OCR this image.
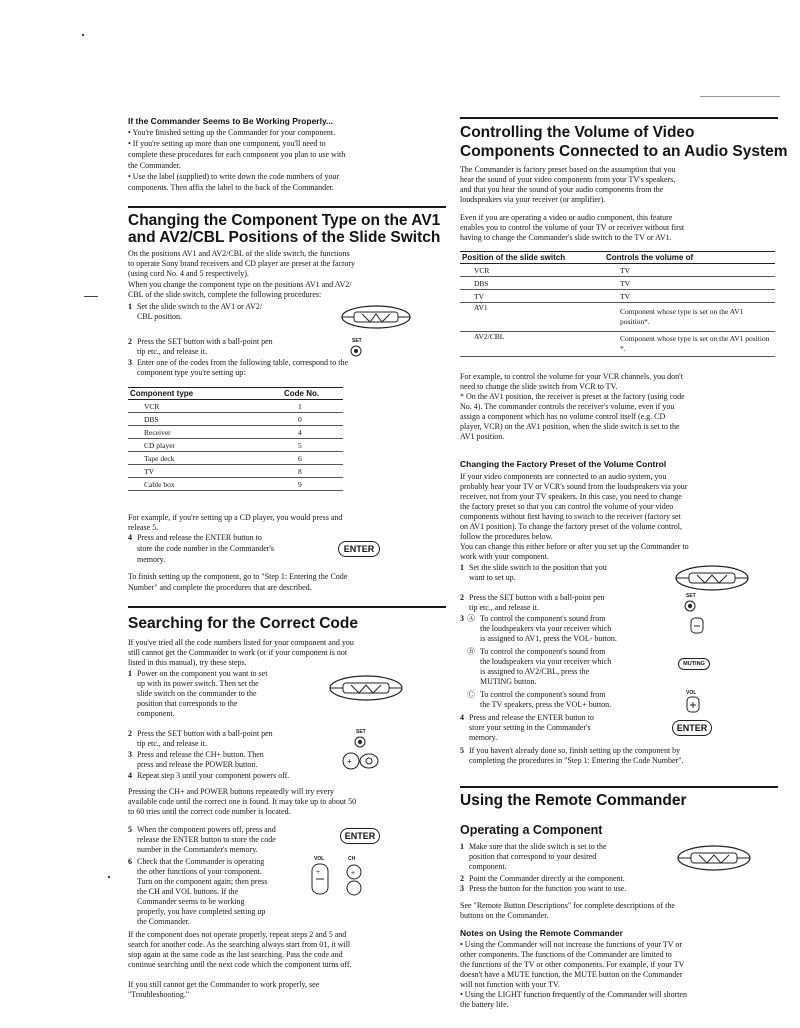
If the Commander Seems to Be Working Properly...
• You're finished setting up the Commander for your component.
• If you're setting up more than one component, you'll need to
complete these procedures for each component you plan to use with
the Commander.
• Use the label (supplied) to write down the code numbers of your
components. Then affix the label to the back of the Commander.
Changing the Component Type on the AV1
and AV2/CBL Positions of the Slide Switch
On the positions AV1 and AV2/CBL of the slide switch, the functions
to operate Sony brand receivers and CD player are preset at the factory
(using cord No. 4 and 5 respectively).
When you change the component type on the positions AV1 and AV2/
CBL of the slide switch, complete the following procedures:
1 Set the slide switch to the AV1 or AV2/
CBL position.
2 Press the SET button with a ball-point pen
tip etc., and release it.
SET
3 Enter one of the codes from the following table, correspond to the
component type you're setting up:
Component type	Code No.
VCR	1
DBS	0
Receiver	4
CD player	5
Tape deck	6
TV	8
Cable box	9
For example, if you're setting up a CD player, you would press and
release 5.
4 Press and release the ENTER button to
store the code number in the Commander's
memory.
ENTER
To finish setting up the component, go to "Step 1: Entering the Code
Number" and complete the procedures that are described.
Searching for the Correct Code
If you've tried all the code numbers listed for your component and you
still cannot get the Commander to work (or if your component is not
listed in this manual), try these steps.
1 Power on the component you want to set
up with its power switch. Then set the
slide switch on the commander to the
position that corresponds to the
component.
2 Press the SET button with a ball-point pen
tip etc., and release it.
SET
3 Press and release the CH+ button. Then
press and release the POWER button.	+
4 Repeat step 3 until your component powers off.
Pressing the CH+ and POWER buttons repeatedly will try every
available code until the correct one is found. It may take up to about 50
to 60 tries until the correct code number is located.
5 When the component powers off, press and
release the ENTER button to store the code
number in the Commander's memory.
ENTER
6 Check that the Commander is operating
the other functions of your component.
Turn on the component again; then press
the CH and VOL buttons. If the
Commander seems to be working
properly, you have completed setting up
the Commander.
VOL	CH
+	+
If the component does not operate properly, repeat steps 2 and 5 and
search for another code. As the searching always start from 01, it will
stop again at the same code as the last searching. Pass the code and
continue searching until the next code which the component turns off.
If you still cannot get the Commander to work properly, see
"Troubleshooting."
Controlling the Volume of Video
Components Connected to an Audio System
The Commander is factory preset based on the assumption that you
hear the sound of your video components from your TV's speakers,
and that you hear the sound of your audio components from the
loudspeakers via your receiver (or amplifier).
Even if you are operating a video or audio component, this feature
enables you to control the volume of your TV or receiver without first
having to change the Commander's slide switch to the TV or AV1.
Position of the slide switch	Controls the volume of
VCR	TV
DBS	TV
TV	TV
AV1	Component whose type is set on the AV1 position*.
AV2/CBL	Component whose type is set on the AV1 position *.
For example, to control the volume for your VCR channels, you don't
need to change the slide switch from VCR to TV.
* On the AV1 position, the receiver is preset at the factory (using code
No. 4). The commander controls the receiver's volume, even if you
assign a component which has no volume control itself (e.g. CD
player, VCR) on the AV1 position, when the slide switch is set to the
AV1 position.
Changing the Factory Preset of the Volume Control
If your video components are connected to an audio system, you
probably hear your TV or VCR's sound from the loudspeakers via your
receiver, not from your TV speakers. In this case, you need to change
the factory preset so that you can control the volume of your video
components without first having to switch to the receiver (factory set
on AV1 position). To change the factory preset of the volume control,
follow the procedures below.
You can change this either before or after you set up the Commander to
work with your component.
1 Set the slide switch to the position that you
want to set up.
2 Press the SET button with a ball-point pen
tip etc., and release it.
SET
3 Ⓐ To control the component's sound from
the loudspeakers via your receiver which
is assigned to AV1, press the VOL- button.
Ⓑ To control the component's sound from
the loudspeakers via your receiver which
is assigned to AV2/CBL, press the
MUTING button.
MUTING
Ⓒ To control the component's sound from
the TV speakers, press the VOL+ button.
VOL
4 Press and release the ENTER button to
store your setting in the Commander's
memory.
ENTER
5 If you haven't already done so, finish setting up the component by
completing the procedures in "Step 1: Entering the Code Number".
Using the Remote Commander
Operating a Component
1 Make sure that the slide switch is set to the
position that correspond to your desired
component.
2 Point the Commander directly at the component.
3 Press the button for the function you want to use.
See "Remote Button Descriptions" for complete descriptions of the
buttons on the Commander.
Notes on Using the Remote Commander
• Using the Commander will not increase the functions of your TV or
other components. The functions of the Commander are limited to
the functions of the TV or other components. For example, if your TV
doesn't have a MUTE function, the MUTE button on the Commander
will not function with your TV.
• Using the LIGHT function frequently of the Commander will shorten
the battery life.
